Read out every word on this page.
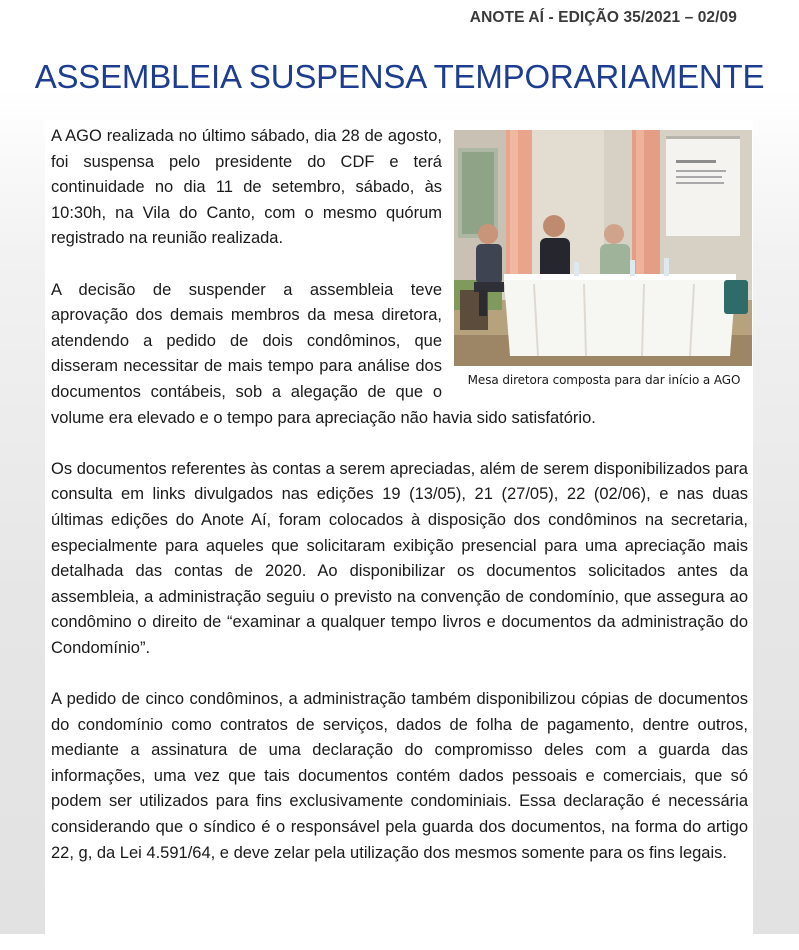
ANOTE AÍ - EDIÇÃO 35/2021 – 02/09
ASSEMBLEIA SUSPENSA TEMPORARIAMENTE
Mesa diretora composta para dar início a AGO

A AGO realizada no último sábado, dia 28 de agosto, foi suspensa pelo presidente do CDF e terá continuidade no dia 11 de setembro, sábado, às 10:30h, na Vila do Canto, com o mesmo quórum registrado na reunião realizada.

A decisão de suspender a assembleia teve aprovação dos demais membros da mesa diretora, atendendo a pedido de dois condôminos, que disseram necessitar de mais tempo para análise dos documentos contábeis, sob a alegação de que o volume era elevado e o tempo para apreciação não havia sido satisfatório.

Os documentos referentes às contas a serem apreciadas, além de serem disponibilizados para consulta em links divulgados nas edições 19 (13/05), 21 (27/05), 22 (02/06), e nas duas últimas edições do Anote Aí, foram colocados à disposição dos condôminos na secretaria, especialmente para aqueles que solicitaram exibição presencial para uma apreciação mais detalhada das contas de 2020. Ao disponibilizar os documentos solicitados antes da assembleia, a administração seguiu o previsto na convenção de condomínio, que assegura ao condômino o direito de “examinar a qualquer tempo livros e documentos da administração do Condomínio”.

A pedido de cinco condôminos, a administração também disponibilizou cópias de documentos do condomínio como contratos de serviços, dados de folha de pagamento, dentre outros, mediante a assinatura de uma declaração do compromisso deles com a guarda das informações, uma vez que tais documentos contém dados pessoais e comerciais, que só podem ser utilizados para fins exclusivamente condominiais. Essa declaração é necessária considerando que o síndico é o responsável pela guarda dos documentos, na forma do artigo 22, g, da Lei 4.591/64, e deve zelar pela utilização dos mesmos somente para os fins legais.
